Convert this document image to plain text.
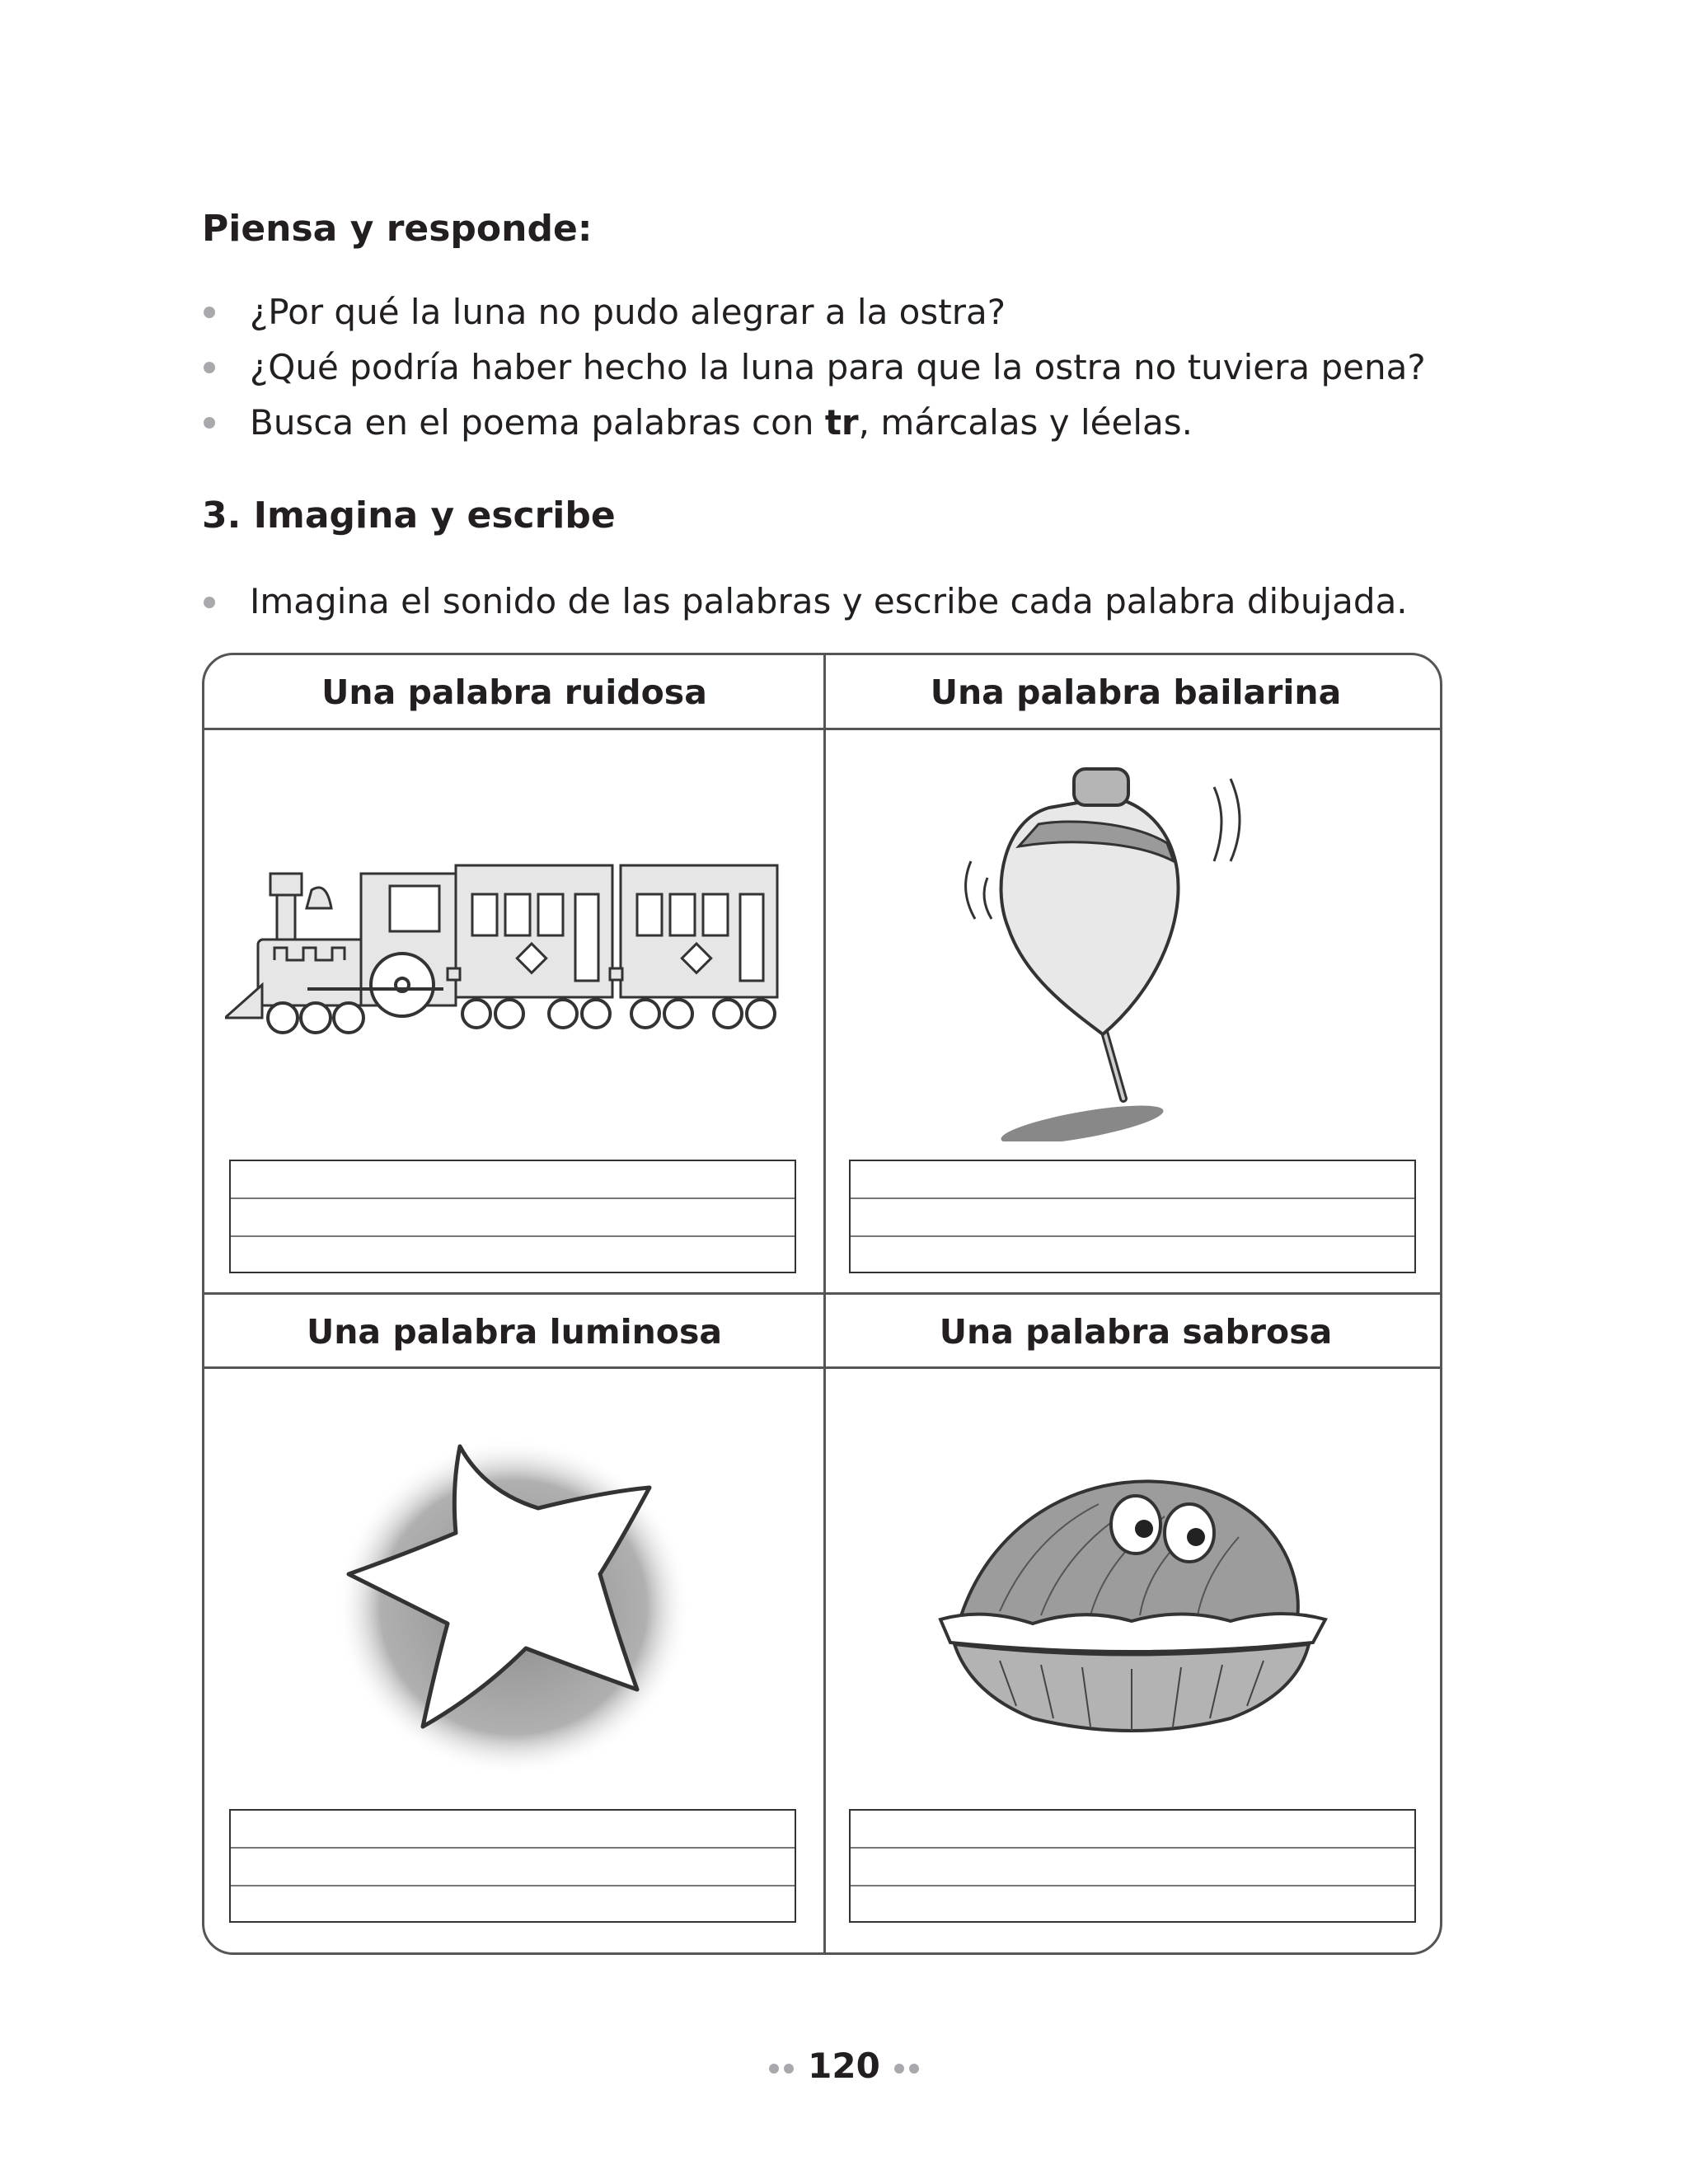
Piensa y responde:
¿Por qué la luna no pudo alegrar a la ostra?
¿Qué podría haber hecho la luna para que la ostra no tuviera pena?
Busca en el poema palabras con tr, márcalas y léelas.
3. Imagina y escribe
Imagina el sonido de las palabras y escribe cada palabra dibujada.
Una palabra ruidosa	Una palabra bailarina
Una palabra luminosa	Una palabra sabrosa
120
